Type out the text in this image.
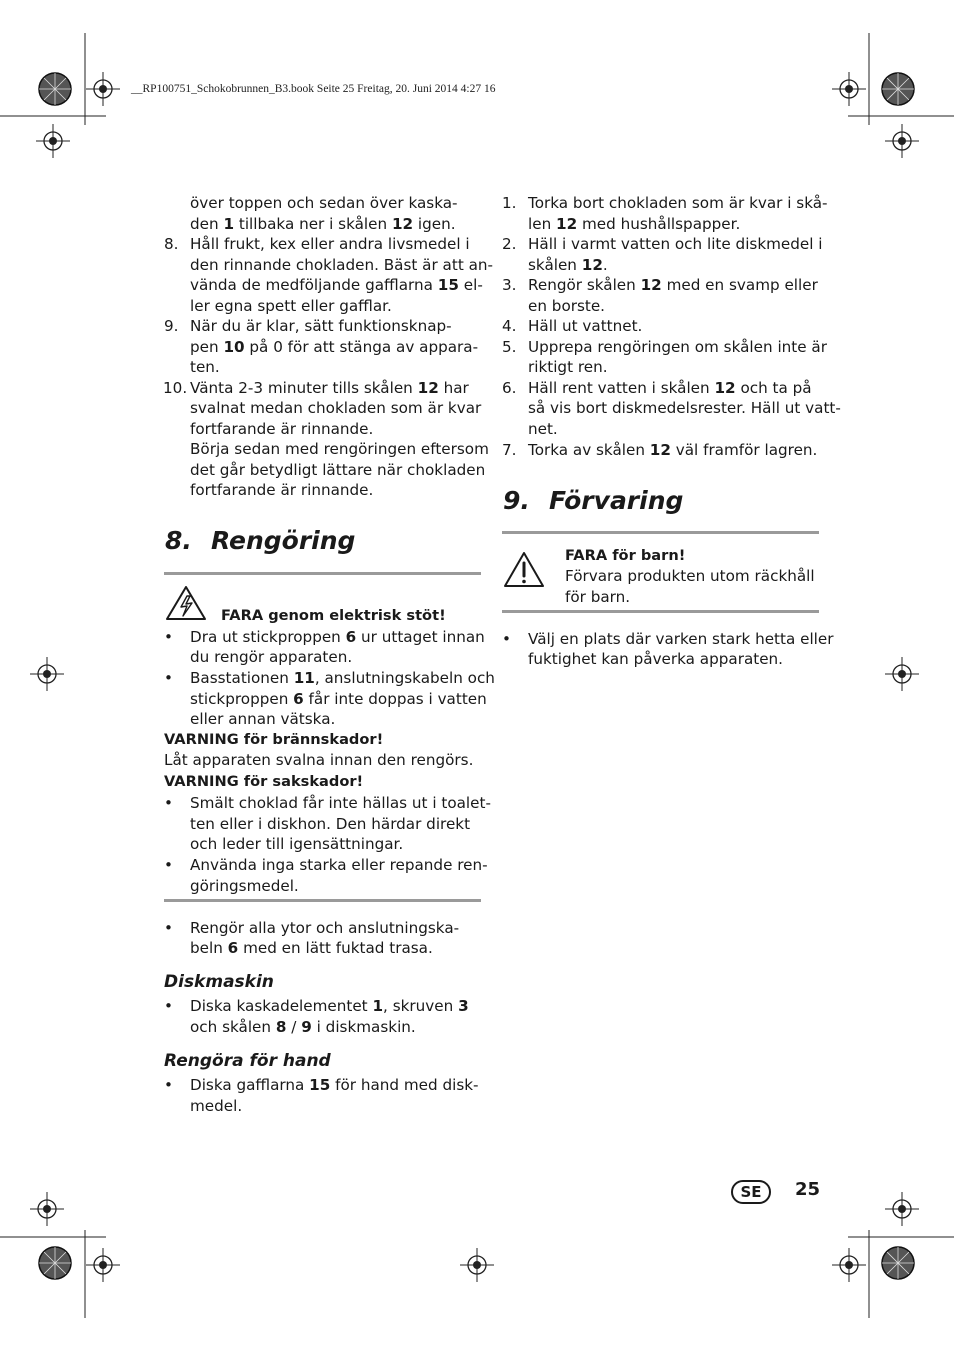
__RP100751_Schokobrunnen_B3.book Seite 25 Freitag, 20. Juni 2014 4:27 16
över toppen och sedan över kaska-
den 1 tillbaka ner i skålen 12 igen.
8. Håll frukt, kex eller andra livsmedel i
den rinnande chokladen. Bäst är att an-
vända de medföljande gafflarna 15 el-
ler egna spett eller gafflar.
9. När du är klar, sätt funktionsknap-
pen 10 på 0 för att stänga av appara-
ten.
10. Vänta 2-3 minuter tills skålen 12 har
svalnat medan chokladen som är kvar
fortfarande är rinnande.
Börja sedan med rengöringen eftersom
det går betydligt lättare när chokladen
fortfarande är rinnande.
8. Rengöring
FARA genom elektrisk stöt!
• Dra ut stickproppen 6 ur uttaget innan
du rengör apparaten.
• Basstationen 11, anslutningskabeln och
stickproppen 6 får inte doppas i vatten
eller annan vätska.
VARNING för brännskador!
Låt apparaten svalna innan den rengörs.
VARNING för sakskador!
• Smält choklad får inte hällas ut i toalet-
ten eller i diskhon. Den härdar direkt
och leder till igensättningar.
• Använda inga starka eller repande ren-
göringsmedel.
• Rengör alla ytor och anslutningska-
beln 6 med en lätt fuktad trasa.
Diskmaskin
• Diska kaskadelementet 1, skruven 3
och skålen 8 / 9 i diskmaskin.
Rengöra för hand
• Diska gafflarna 15 för hand med disk-
medel.
1. Torka bort chokladen som är kvar i skå-
len 12 med hushållspapper.
2. Häll i varmt vatten och lite diskmedel i
skålen 12.
3. Rengör skålen 12 med en svamp eller
en borste.
4. Häll ut vattnet.
5. Upprepa rengöringen om skålen inte är
riktigt ren.
6. Häll rent vatten i skålen 12 och ta på
så vis bort diskmedelsrester. Häll ut vatt-
net.
7. Torka av skålen 12 väl framför lagren.
9. Förvaring
FARA för barn!
Förvara produkten utom räckhåll
för barn.
• Välj en plats där varken stark hetta eller
fuktighet kan påverka apparaten.
SE	25
